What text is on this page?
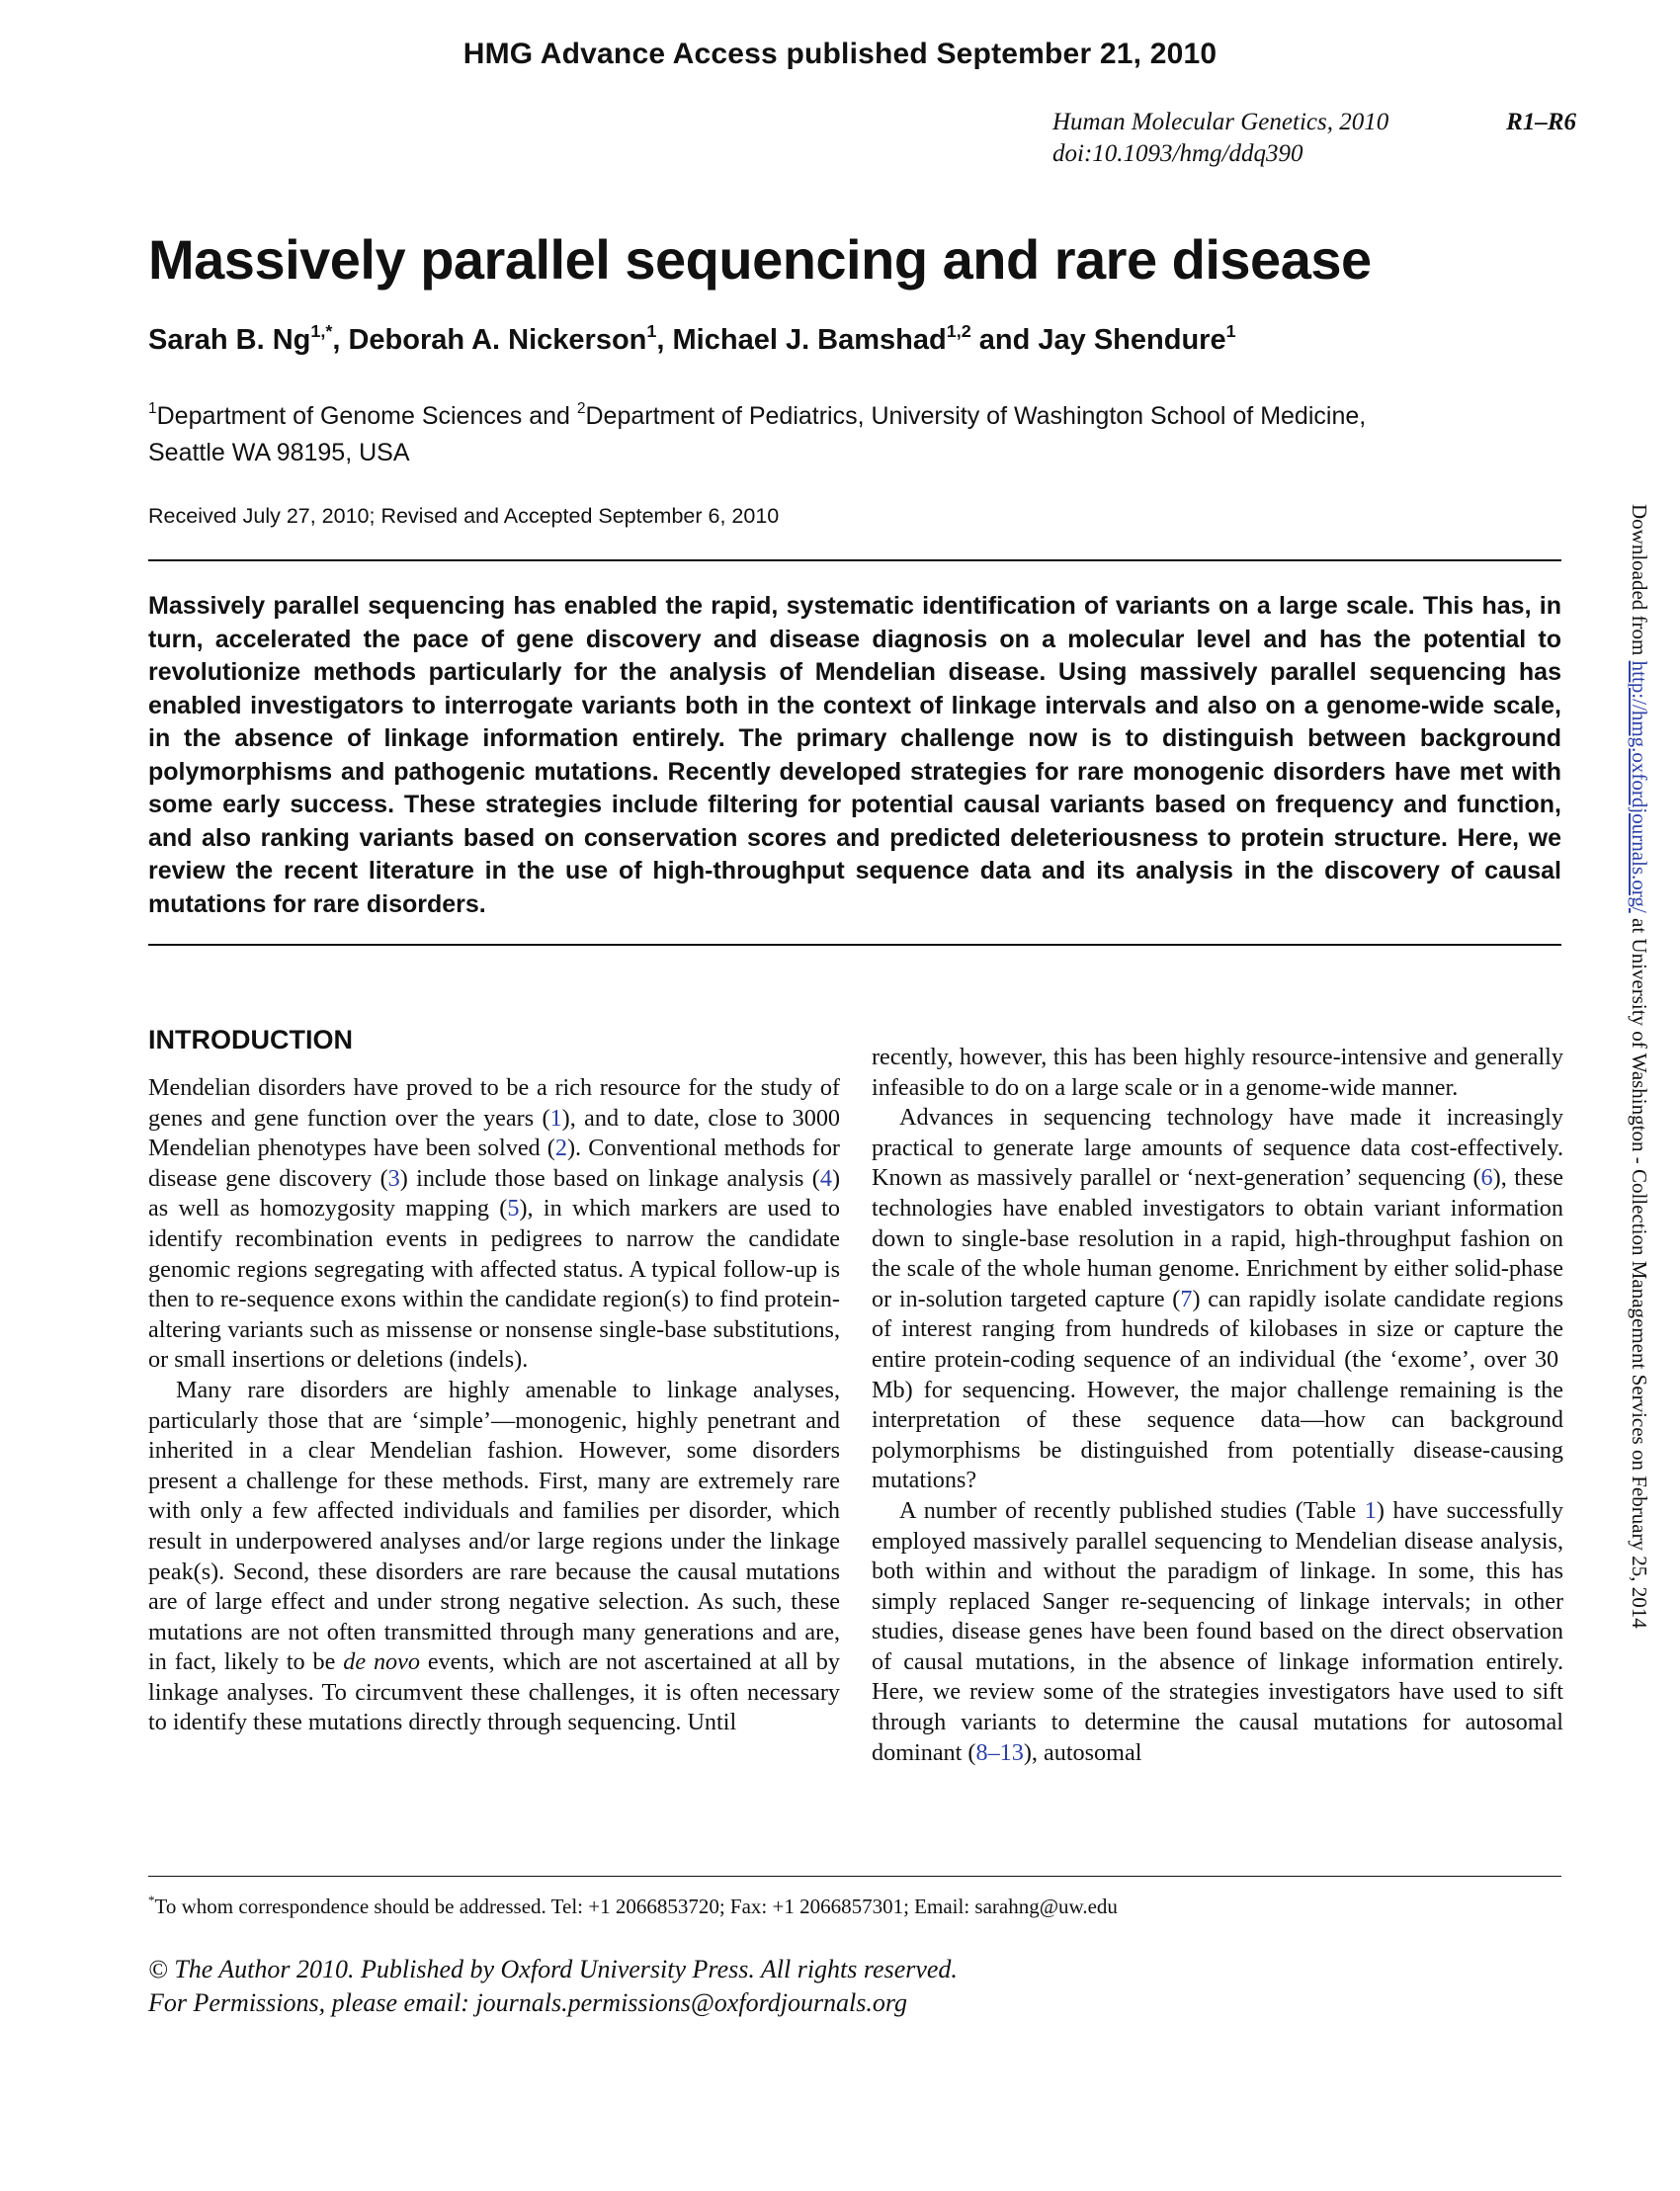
HMG Advance Access published September 21, 2010
Human Molecular Genetics, 2010
doi:10.1093/hmg/ddq390
R1–R6
Massively parallel sequencing and rare disease
Sarah B. $Ng^{1,*}$, Deborah A. Nickerson$^1$, Michael J. Bamshad$^{1,2}$ and Jay Shendure$^1$
$^1$Department of Genome Sciences and $^2$Department of Pediatrics, University of Washington School of Medicine,
Seattle WA 98195, USA
Received July 27, 2010; Revised and Accepted September 6, 2010

Massively parallel sequencing has enabled the rapid, systematic identification of variants on a large scale. This has, in turn, accelerated the pace of gene discovery and disease diagnosis on a molecular level and has the potential to revolutionize methods particularly for the analysis of Mendelian disease. Using massively parallel sequencing has enabled investigators to interrogate variants both in the context of linkage intervals and also on a genome-wide scale, in the absence of linkage information entirely. The primary challenge now is to distinguish between background polymorphisms and pathogenic mutations. Recently developed strategies for rare monogenic disorders have met with some early success. These strategies include filtering for potential causal variants based on frequency and function, and also ranking variants based on conservation scores and predicted deleteriousness to protein structure. Here, we review the recent literature in the use of high-throughput sequence data and its analysis in the discovery of causal mutations for rare disorders.

INTRODUCTION

Mendelian disorders have proved to be a rich resource for the study of genes and gene function over the years (1), and to date, close to 3000 Mendelian phenotypes have been solved (2). Conventional methods for disease gene discovery (3) include those based on linkage analysis (4) as well as homozygosity mapping (5), in which markers are used to identify recombination events in pedigrees to narrow the candidate genomic regions segregating with affected status. A typical follow-up is then to re-sequence exons within the candidate region(s) to find protein-altering variants such as missense or nonsense single-base substitutions, or small insertions or deletions (indels).

Many rare disorders are highly amenable to linkage analyses, particularly those that are ‘simple’—monogenic, highly penetrant and inherited in a clear Mendelian fashion. However, some disorders present a challenge for these methods. First, many are extremely rare with only a few affected individuals and families per disorder, which result in underpowered analyses and/or large regions under the linkage peak(s). Second, these disorders are rare because the causal mutations are of large effect and under strong negative selection. As such, these mutations are not often transmitted through many generations and are, in fact, likely to be de novo events, which are not ascertained at all by linkage analyses. To circumvent these challenges, it is often necessary to identify these mutations directly through sequencing. Until

recently, however, this has been highly resource-intensive and generally infeasible to do on a large scale or in a genome-wide manner.

Advances in sequencing technology have made it increasingly practical to generate large amounts of sequence data cost-effectively. Known as massively parallel or ‘next-generation’ sequencing (6), these technologies have enabled investigators to obtain variant information down to single-base resolution in a rapid, high-throughput fashion on the scale of the whole human genome. Enrichment by either solid-phase or in-solution targeted capture (7) can rapidly isolate candidate regions of interest ranging from hundreds of kilobases in size or capture the entire protein-coding sequence of an individual (the ‘exome’, over 30 Mb) for sequencing. However, the major challenge remaining is the interpretation of these sequence data—how can background polymorphisms be distinguished from potentially disease-causing mutations?

A number of recently published studies (Table 1) have successfully employed massively parallel sequencing to Mendelian disease analysis, both within and without the paradigm of linkage. In some, this has simply replaced Sanger re-sequencing of linkage intervals; in other studies, disease genes have been found based on the direct observation of causal mutations, in the absence of linkage information entirely. Here, we review some of the strategies investigators have used to sift through variants to determine the causal mutations for autosomal dominant (8–13), autosomal

*To whom correspondence should be addressed. Tel: +1 2066853720; Fax: +1 2066857301; Email: sarahng@uw.edu
© The Author 2010. Published by Oxford University Press. All rights reserved.
For Permissions, please email: journals.permissions@oxfordjournals.org
Downloaded from http://hmg.oxfordjournals.org/ at University of Washington - Collection Management Services on February 25, 2014
